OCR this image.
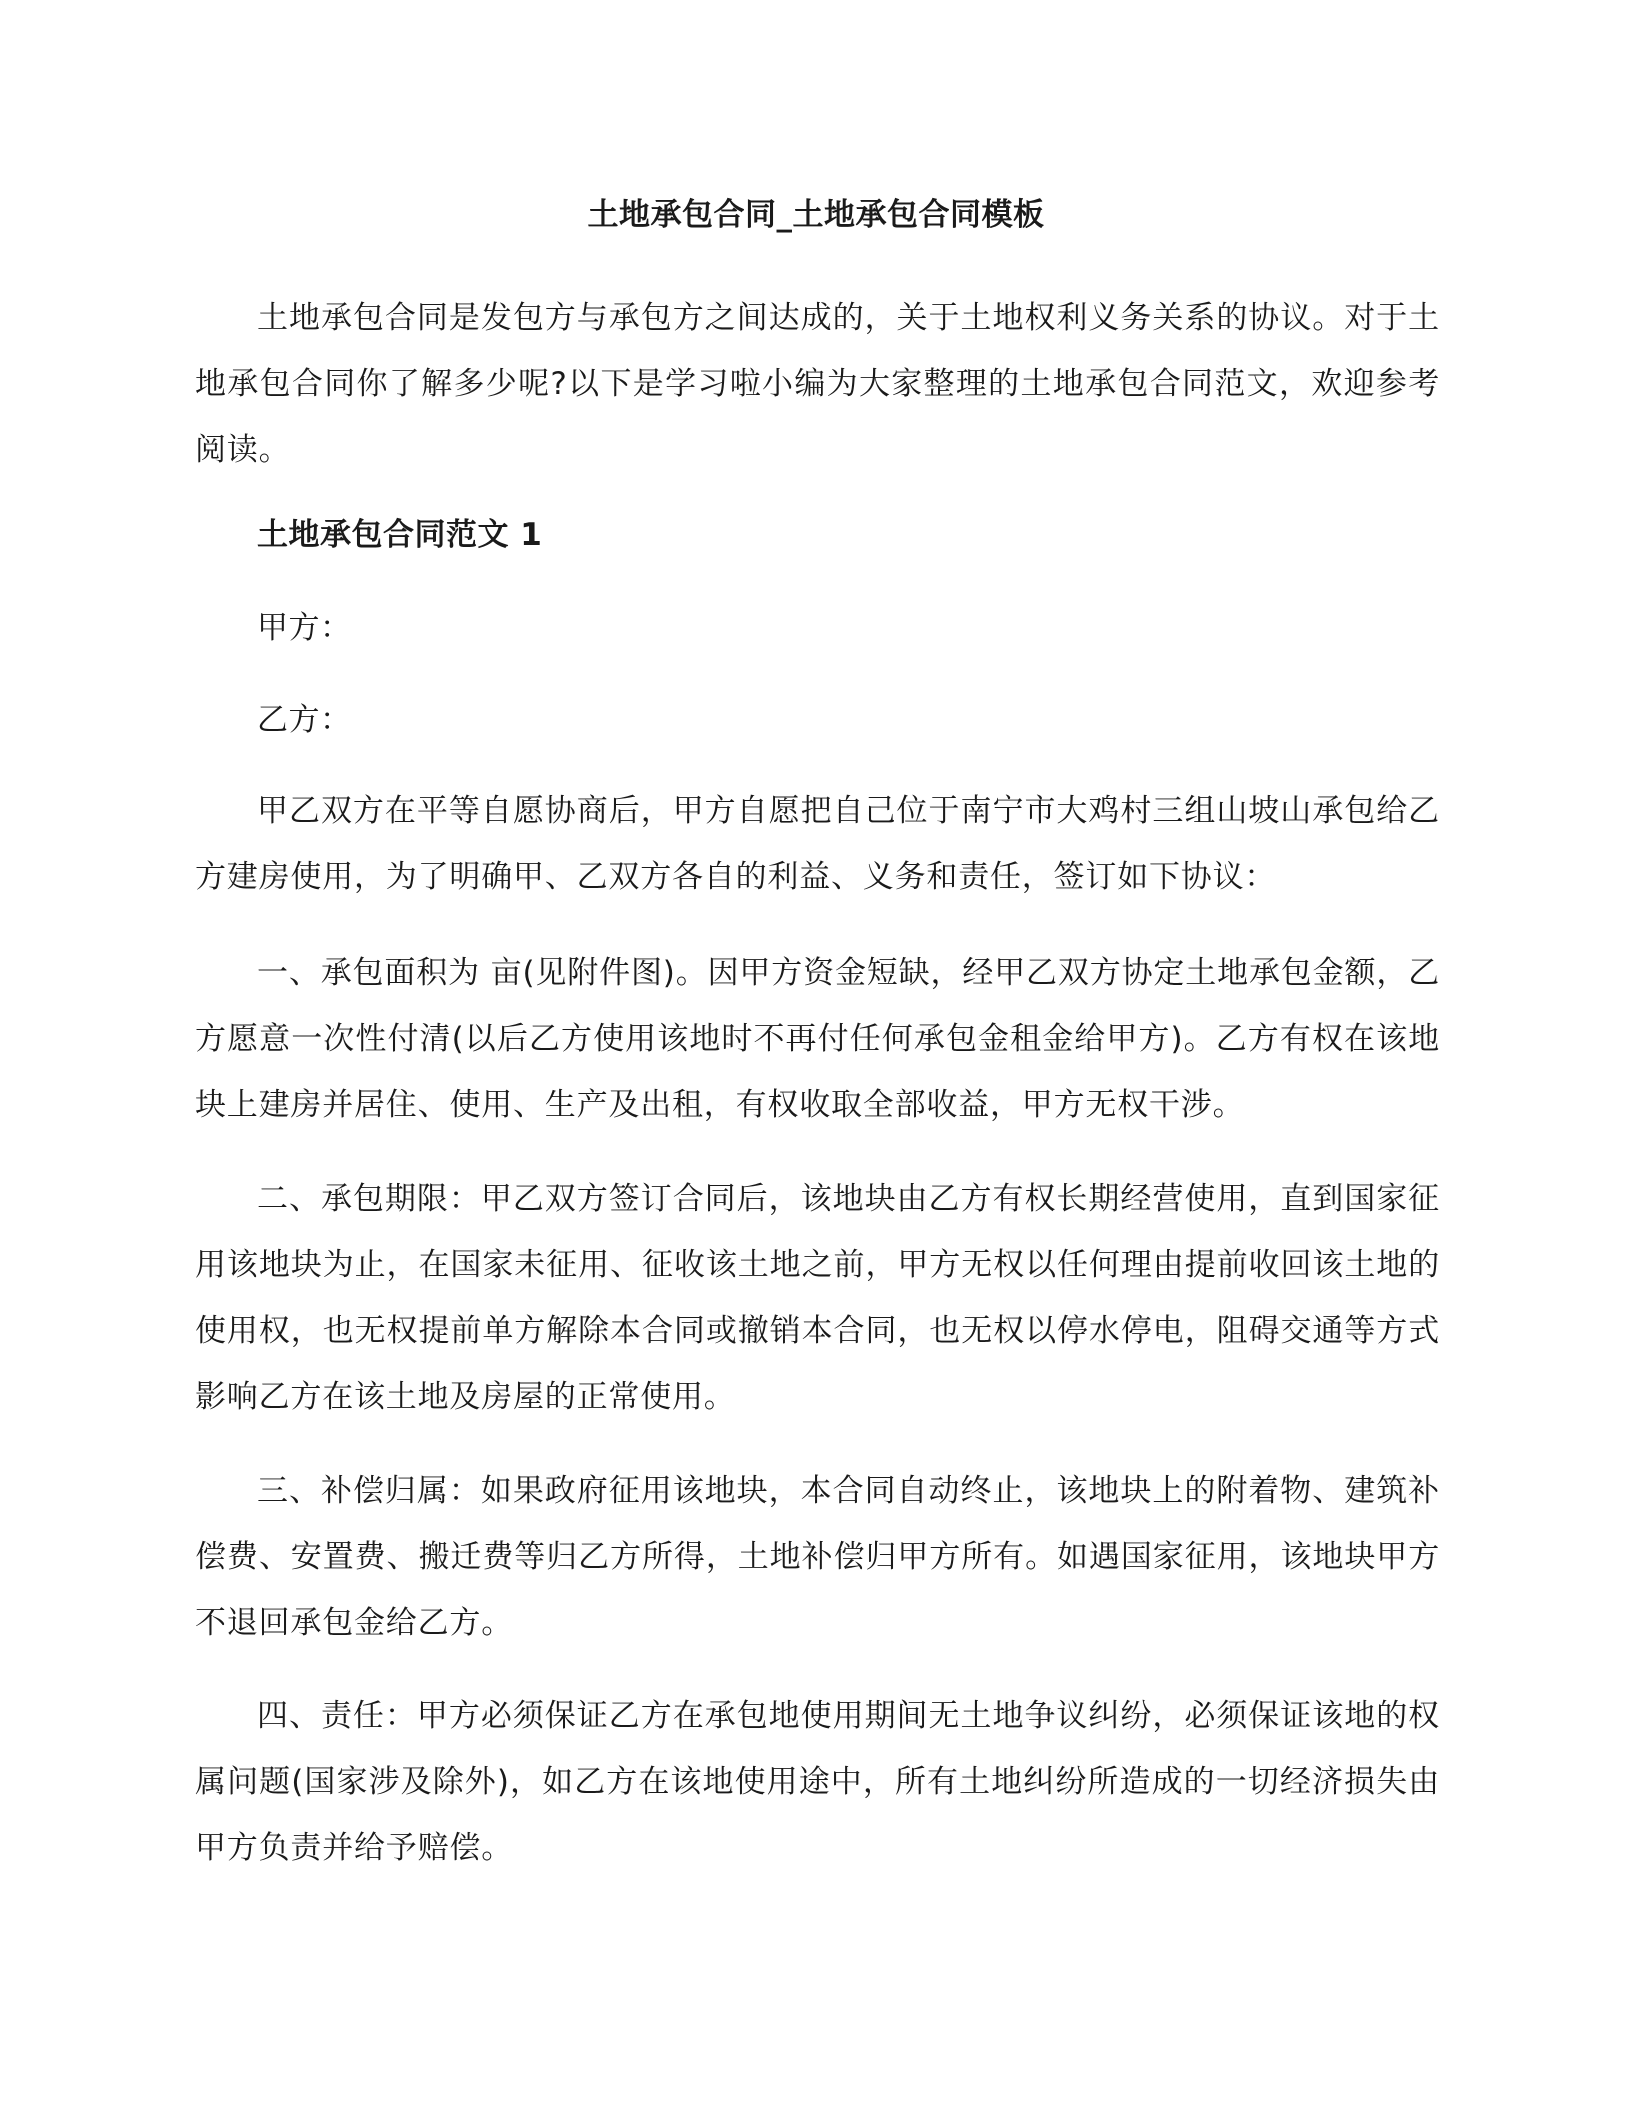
土地承包合同_土地承包合同模板

土地承包合同是发包方与承包方之间达成的，关于土地权利义务关系的协议。对于土地承包合同你了解多少呢?以下是学习啦小编为大家整理的土地承包合同范文，欢迎参考阅读。

土地承包合同范文 1
甲方：
乙方：

甲乙双方在平等自愿协商后，甲方自愿把自己位于南宁市大鸡村三组山坡山承包给乙方建房使用，为了明确甲、乙双方各自的利益、义务和责任，签订如下协议：

一、承包面积为 亩(见附件图)。因甲方资金短缺，经甲乙双方协定土地承包金额，乙方愿意一次性付清(以后乙方使用该地时不再付任何承包金租金给甲方)。乙方有权在该地块上建房并居住、使用、生产及出租，有权收取全部收益，甲方无权干涉。

二、承包期限：甲乙双方签订合同后，该地块由乙方有权长期经营使用，直到国家征用该地块为止，在国家未征用、征收该土地之前，甲方无权以任何理由提前收回该土地的使用权，也无权提前单方解除本合同或撤销本合同，也无权以停水停电，阻碍交通等方式影响乙方在该土地及房屋的正常使用。

三、补偿归属：如果政府征用该地块，本合同自动终止，该地块上的附着物、建筑补偿费、安置费、搬迁费等归乙方所得，土地补偿归甲方所有。如遇国家征用，该地块甲方不退回承包金给乙方。

四、责任：甲方必须保证乙方在承包地使用期间无土地争议纠纷，必须保证该地的权属问题(国家涉及除外)，如乙方在该地使用途中，所有土地纠纷所造成的一切经济损失由甲方负责并给予赔偿。
